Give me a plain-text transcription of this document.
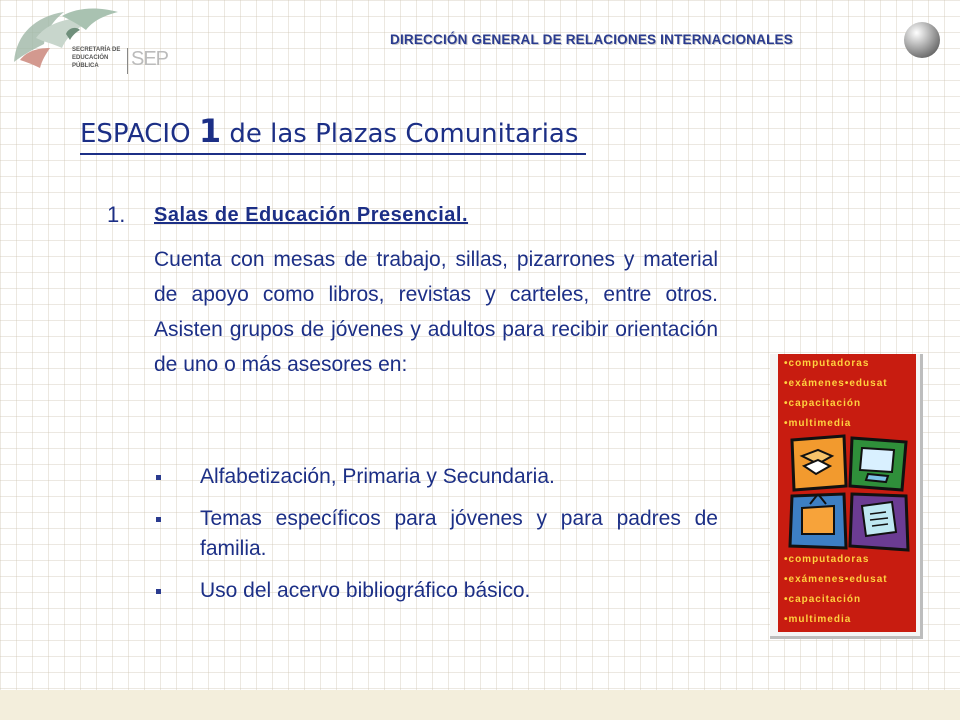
SECRETARÍA DE
EDUCACIÓN
PÚBLICA	SEP
DIRECCIÓN GENERAL DE RELACIONES INTERNACIONALES
ESPACIO 1 de las Plazas Comunitarias
1. Salas de Educación Presencial.
Cuenta con mesas de trabajo, sillas, pizarrones y material de apoyo como libros, revistas y carteles, entre otros. Asisten grupos de jóvenes y adultos para recibir orientación de uno o más asesores en:
Alfabetización, Primaria y Secundaria.
Temas específicos para jóvenes y para padres de familia.
Uso del acervo bibliográfico básico.
•computadoras
•exámenes•edusat
•capacitación
•multimedia
•computadoras
•exámenes•edusat
•capacitación
•multimedia
